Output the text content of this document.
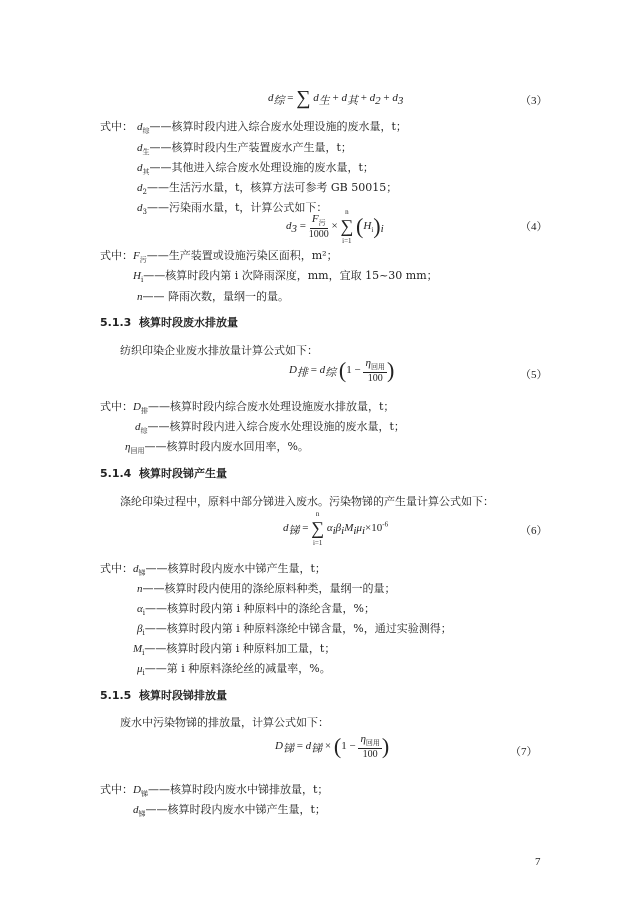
$d_综$ = ∑ $d_生 + d_其 + d_2 + d_3$	（3）
式中： $d_综——$核算时段内进入综合废水处理设施的废水量，t；
$d_生——$核算时段内生产装置废水产生量，t；
$d_其——$其他进入综合废水处理设施的废水量，t；
$d_2——$生活污水量，t，核算方法可参考 GB 50015；
$d_3——$污染雨水量，t，计算公式如下：
$d_3 = \frac{F_污}{1000}$ ×
n
∑
i=1
$(H_i)_i$	（4）
式中：$F_污——$生产装置或设施污染区面积，m²；
$H_i——$核算时段内第 i 次降雨深度，mm，宜取 15~30 mm；
n—— 降雨次数，量纲一的量。
5.1.3 核算时段废水排放量
纺织印染企业废水排放量计算公式如下：
$D_排 = d_综$ ($1 - \frac{\eta_{回用}}{100}$ )	（5）
式中：$D_排——$核算时段内综合废水处理设施废水排放量，t；
$d_综——$核算时段内进入综合废水处理设施的废水量，t；
$\eta_{回用}——$核算时段内废水回用率，%。
5.1.4 核算时段锑产生量
涤纶印染过程中，原料中部分锑进入废水。污染物锑的产生量计算公式如下：
$d_锑$ =
n
∑
i=1
$\alpha_i\beta_iM_i\mu_i\times 10^{-6}$
（6）
式中：$d_锑——$核算时段内废水中锑产生量，t；
n——核算时段内使用的涤纶原料种类，量纲一的量；
$\alpha_i——$核算时段内第 i 种原料中的涤纶含量，%；
$\beta_i——$核算时段内第 i 种原料涤纶中锑含量，%，通过实验测得；
$M_i——$核算时段内第 i 种原料加工量，t；
$\mu_i——$第 i 种原料涤纶丝的减量率，%。
5.1.5 核算时段锑排放量
废水中污染物锑的排放量，计算公式如下：
$D_锑 = d_锑 \times (1 - \frac{\eta_{回用}}{100}$ )	（7）
式中：$D_锑——$核算时段内废水中锑排放量，t；
$d_锑——$核算时段内废水中锑产生量，t；
7
